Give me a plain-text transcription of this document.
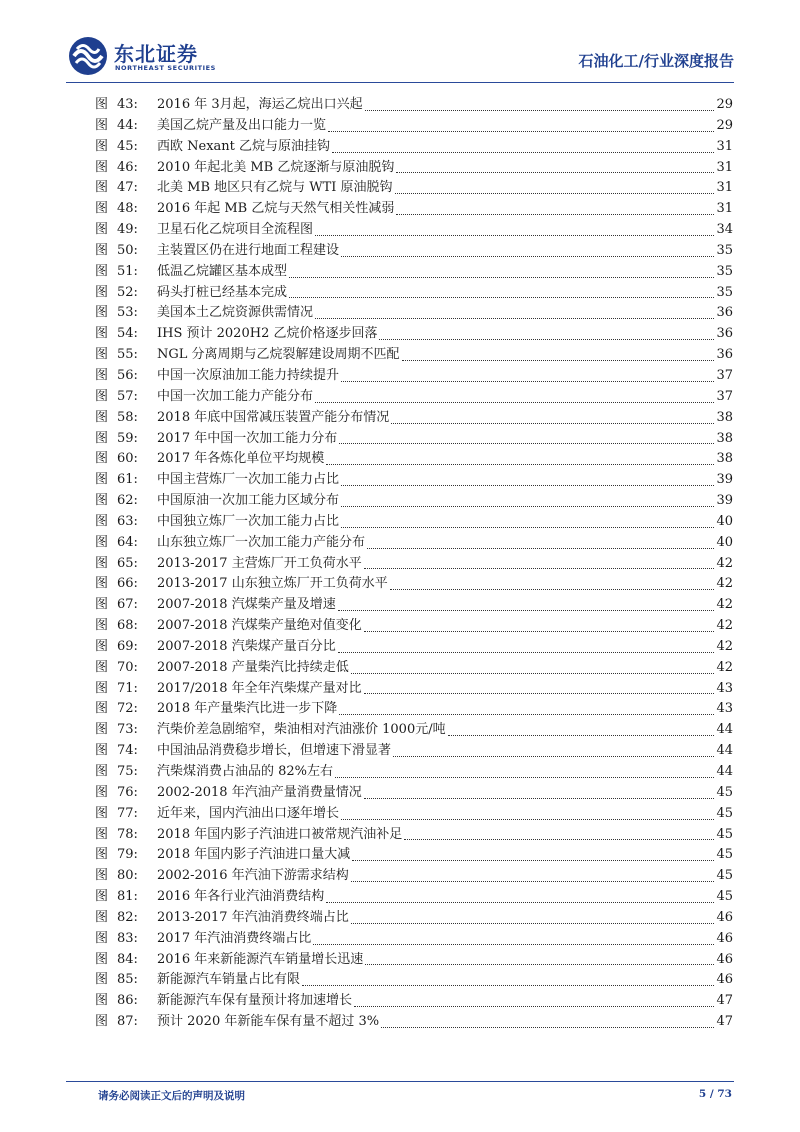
东北证券
NORTHEAST SECURITIES	石油化工/行业深度报告
图 43:	2016 年 3月起，海运乙烷出口兴起	29
图 44:	美国乙烷产量及出口能力一览	29
图 45:	西欧 Nexant 乙烷与原油挂钩	31
图 46:	2010 年起北美 MB 乙烷逐渐与原油脱钩	31
图 47:	北美 MB 地区只有乙烷与 WTI 原油脱钩	31
图 48:	2016 年起 MB 乙烷与天然气相关性减弱	31
图 49:	卫星石化乙烷项目全流程图	34
图 50:	主装置区仍在进行地面工程建设	35
图 51:	低温乙烷罐区基本成型	35
图 52:	码头打桩已经基本完成	35
图 53:	美国本土乙烷资源供需情况	36
图 54:	IHS 预计 2020H2 乙烷价格逐步回落	36
图 55:	NGL 分离周期与乙烷裂解建设周期不匹配	36
图 56:	中国一次原油加工能力持续提升	37
图 57:	中国一次加工能力产能分布	37
图 58:	2018 年底中国常减压装置产能分布情况	38
图 59:	2017 年中国一次加工能力分布	38
图 60:	2017 年各炼化单位平均规模	38
图 61:	中国主营炼厂一次加工能力占比	39
图 62:	中国原油一次加工能力区域分布	39
图 63:	中国独立炼厂一次加工能力占比	40
图 64:	山东独立炼厂一次加工能力产能分布	40
图 65:	2013-2017 主营炼厂开工负荷水平	42
图 66:	2013-2017 山东独立炼厂开工负荷水平	42
图 67:	2007-2018 汽煤柴产量及增速	42
图 68:	2007-2018 汽煤柴产量绝对值变化	42
图 69:	2007-2018 汽柴煤产量百分比	42
图 70:	2007-2018 产量柴汽比持续走低	42
图 71:	2017/2018 年全年汽柴煤产量对比	43
图 72:	2018 年产量柴汽比进一步下降	43
图 73:	汽柴价差急剧缩窄，柴油相对汽油涨价 1000元/吨	44
图 74:	中国油品消费稳步增长，但增速下滑显著	44
图 75:	汽柴煤消费占油品的 82%左右	44
图 76:	2002-2018 年汽油产量消费量情况	45
图 77:	近年来，国内汽油出口逐年增长	45
图 78:	2018 年国内影子汽油进口被常规汽油补足	45
图 79:	2018 年国内影子汽油进口量大减	45
图 80:	2002-2016 年汽油下游需求结构	45
图 81:	2016 年各行业汽油消费结构	45
图 82:	2013-2017 年汽油消费终端占比	46
图 83:	2017 年汽油消费终端占比	46
图 84:	2016 年来新能源汽车销量增长迅速	46
图 85:	新能源汽车销量占比有限	46
图 86:	新能源汽车保有量预计将加速增长	47
图 87:	预计 2020 年新能车保有量不超过 3%	47
请务必阅读正文后的声明及说明	5 / 73
